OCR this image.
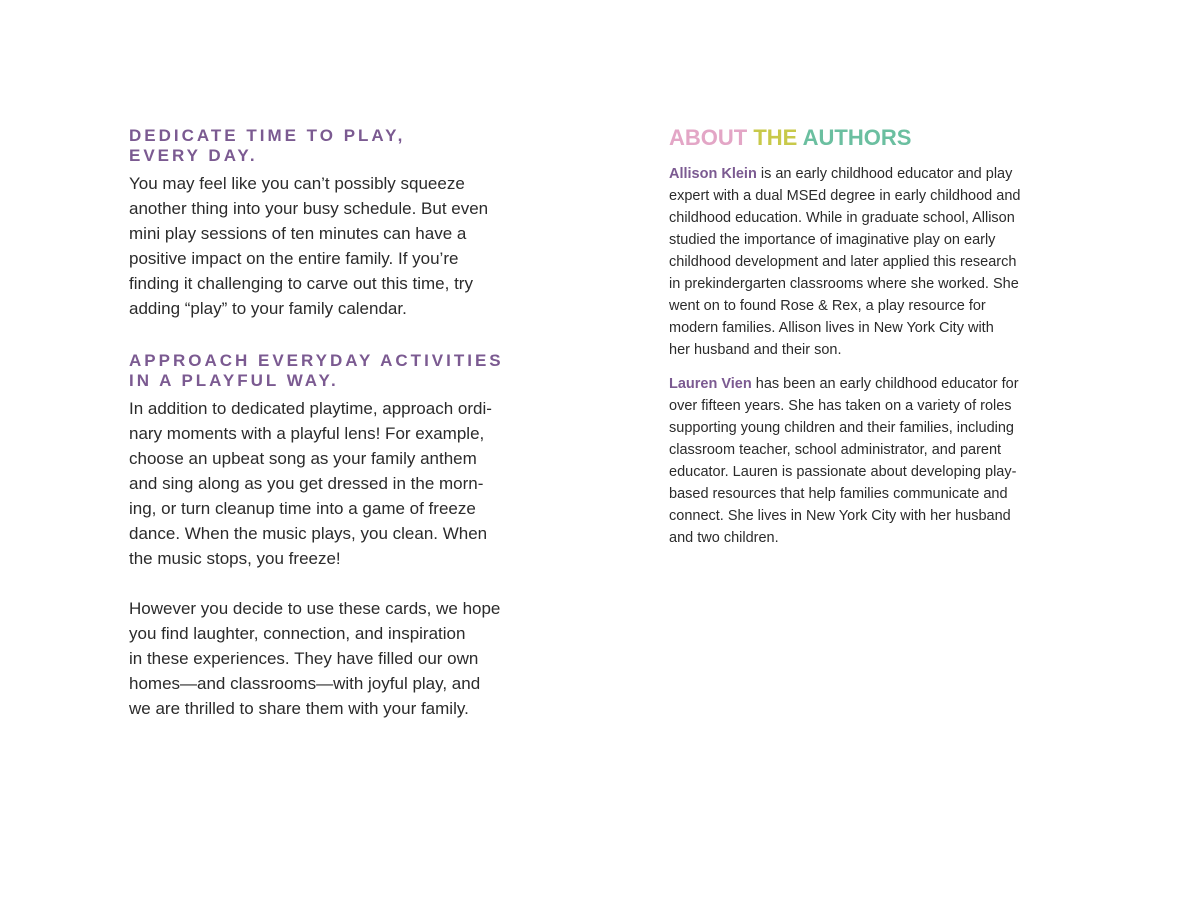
DEDICATE TIME TO PLAY,
EVERY DAY.

You may feel like you can’t possibly squeeze
another thing into your busy schedule. But even
mini play sessions of ten minutes can have a
positive impact on the entire family. If you’re
finding it challenging to carve out this time, try
adding “play” to your family calendar.

APPROACH EVERYDAY ACTIVITIES
IN A PLAYFUL WAY.

In addition to dedicated playtime, approach ordi-
nary moments with a playful lens! For example,
choose an upbeat song as your family anthem
and sing along as you get dressed in the morn-
ing, or turn cleanup time into a game of freeze
dance. When the music plays, you clean. When
the music stops, you freeze!

However you decide to use these cards, we hope
you find laughter, connection, and inspiration
in these experiences. They have filled our own
homes—and classrooms—with joyful play, and
we are thrilled to share them with your family.

ABOUT THE AUTHORS

Allison Klein is an early childhood educator and play
expert with a dual MSEd degree in early childhood and
childhood education. While in graduate school, Allison
studied the importance of imaginative play on early
childhood development and later applied this research
in prekindergarten classrooms where she worked. She
went on to found Rose & Rex, a play resource for
modern families. Allison lives in New York City with
her husband and their son.

Lauren Vien has been an early childhood educator for
over fifteen years. She has taken on a variety of roles
supporting young children and their families, including
classroom teacher, school administrator, and parent
educator. Lauren is passionate about developing play-
based resources that help families communicate and
connect. She lives in New York City with her husband
and two children.
